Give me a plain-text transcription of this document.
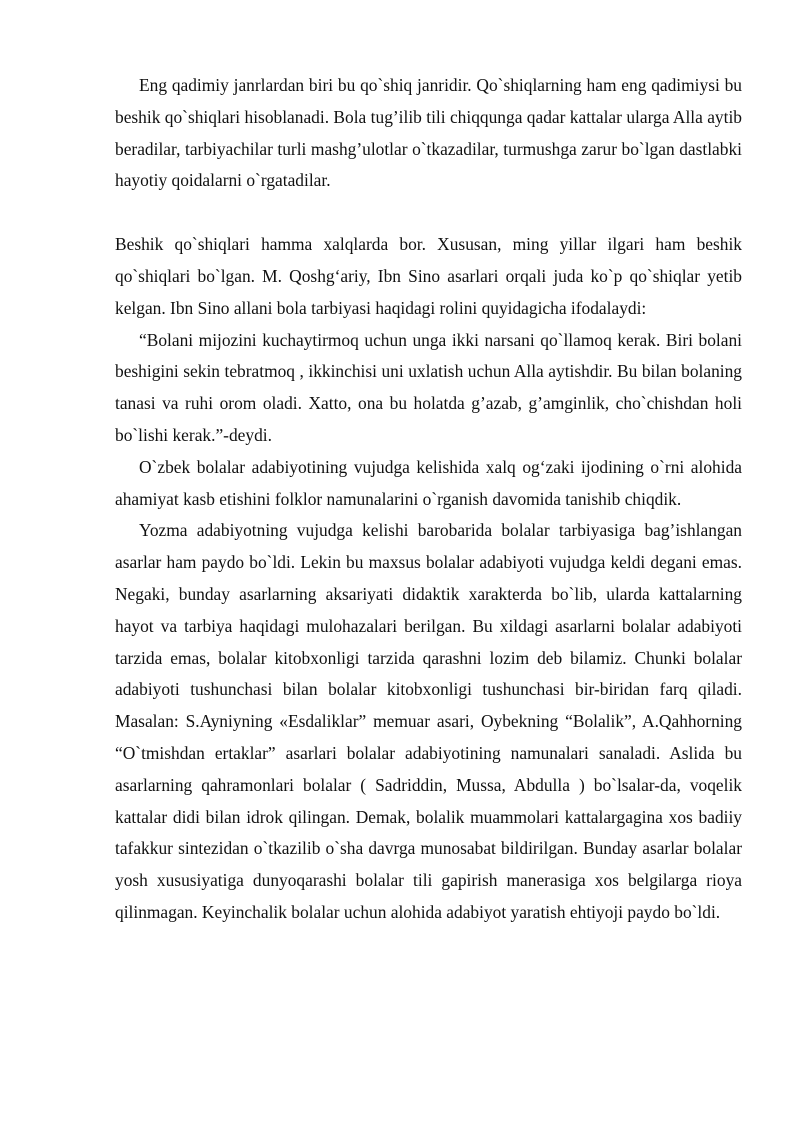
Eng qadimiy janrlardan biri bu qo`shiq janridir. Qo`shiqlarning ham eng qadimiysi bu beshik qo`shiqlari hisoblanadi. Bola tug’ilib tili chiqqunga qadar kattalar ularga Alla aytib beradilar, tarbiyachilar turli mashg’ulotlar o`tkazadilar, turmushga zarur bo`lgan dastlabki hayotiy qoidalarni o`rgatadilar.

Beshik qo`shiqlari hamma xalqlarda bor. Xususan, ming yillar ilgari ham beshik qo`shiqlari bo`lgan. M. Qoshg‘ariy, Ibn Sino asarlari orqali juda ko`p qo`shiqlar yetib kelgan. Ibn Sino allani bola tarbiyasi haqidagi rolini quyidagicha ifodalaydi:

“Bolani mijozini kuchaytirmoq uchun unga ikki narsani qo`llamoq kerak. Biri bolani beshigini sekin tebratmoq , ikkinchisi uni uxlatish uchun Alla aytishdir. Bu bilan bolaning tanasi va ruhi orom oladi. Xatto, ona bu holatda g’azab, g’amginlik, cho`chishdan holi bo`lishi kerak.”-deydi.

O`zbek bolalar adabiyotining vujudga kelishida xalq og‘zaki ijodining o`rni alohida ahamiyat kasb etishini folklor namunalarini o`rganish davomida tanishib chiqdik.

Yozma adabiyotning vujudga kelishi barobarida bolalar tarbiyasiga bag’ishlangan asarlar ham paydo bo`ldi. Lekin bu maxsus bolalar adabiyoti vujudga keldi degani emas. Negaki, bunday asarlarning aksariyati didaktik xarakterda bo`lib, ularda kattalarning hayot va tarbiya haqidagi mulohazalari berilgan. Bu xildagi asarlarni bolalar adabiyoti tarzida emas, bolalar kitobxonligi tarzida qarashni lozim deb bilamiz. Chunki bolalar adabiyoti tushunchasi bilan bolalar kitobxonligi tushunchasi bir-biridan farq qiladi. Masalan: S.Ayniyning «Esdaliklar” memuar asari, Oybekning “Bolalik”, A.Qahhorning “O`tmishdan ertaklar” asarlari bolalar adabiyotining namunalari sanaladi. Aslida bu asarlarning qahramonlari bolalar ( Sadriddin, Mussa, Abdulla ) bo`lsalar-da, voqelik kattalar didi bilan idrok qilingan. Demak, bolalik muammolari kattalargagina xos badiiy tafakkur sintezidan o`tkazilib o`sha davrga munosabat bildirilgan. Bunday asarlar bolalar yosh xususiyatiga dunyoqarashi bolalar tili gapirish manerasiga xos belgilarga rioya qilinmagan. Keyinchalik bolalar uchun alohida adabiyot yaratish ehtiyoji paydo bo`ldi.
